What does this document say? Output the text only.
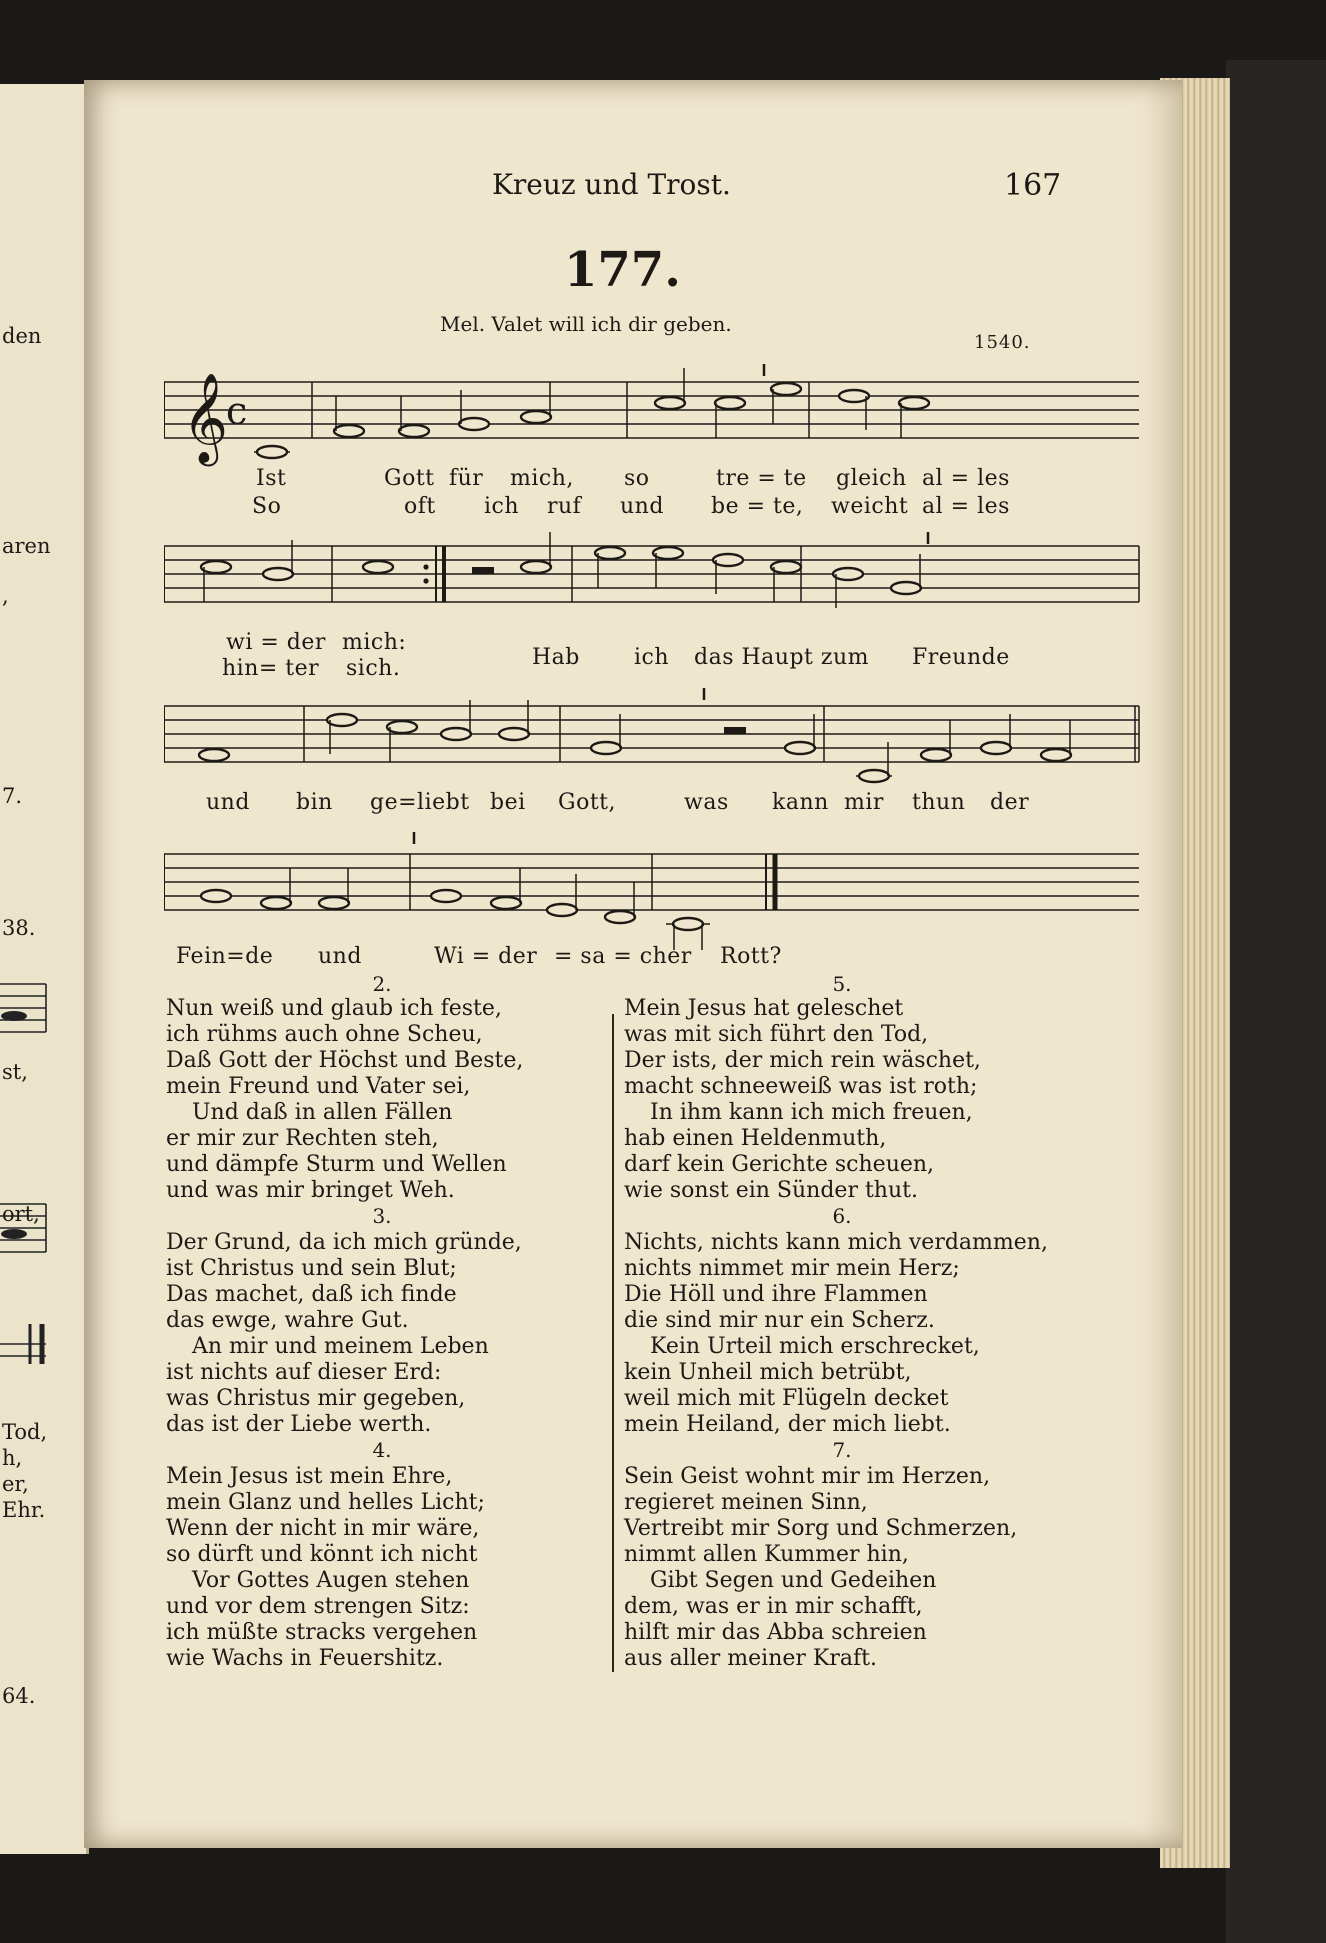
den
aren
,
7.
38.
st,
ort,
Tod,
h,
er,
Ehr.
64.
Kreuz und Trost.	167
177.
Mel. Valet will ich dir geben.
1540.
𝄞
c
Ist	Gott für mich, so	tre = te gleich al = les
So	oft ich ruf und be = te, weicht al = les
wi = der mich:
hin= ter sich.	Hab ich das Haupt zum Freunde
und bin ge=liebt bei Gott,	was kann mir thun der
Fein=de und	Wi = der = sa = cher Rott?
2.
Nun weiß und glaub ich feste,
ich rühms auch ohne Scheu,
Daß Gott der Höchst und Beste,
mein Freund und Vater sei,
Und daß in allen Fällen
er mir zur Rechten steh,
und dämpfe Sturm und Wellen
und was mir bringet Weh.
3.
Der Grund, da ich mich gründe,
ist Christus und sein Blut;
Das machet, daß ich finde
das ewge, wahre Gut.
An mir und meinem Leben
ist nichts auf dieser Erd:
was Christus mir gegeben,
das ist der Liebe werth.
4.
Mein Jesus ist mein Ehre,
mein Glanz und helles Licht;
Wenn der nicht in mir wäre,
so dürft und könnt ich nicht
Vor Gottes Augen stehen
und vor dem strengen Sitz:
ich müßte stracks vergehen
wie Wachs in Feuershitz.
5.
Mein Jesus hat geleschet
was mit sich führt den Tod,
Der ists, der mich rein wäschet,
macht schneeweiß was ist roth;
In ihm kann ich mich freuen,
hab einen Heldenmuth,
darf kein Gerichte scheuen,
wie sonst ein Sünder thut.
6.
Nichts, nichts kann mich verdammen,
nichts nimmet mir mein Herz;
Die Höll und ihre Flammen
die sind mir nur ein Scherz.
Kein Urteil mich erschrecket,
kein Unheil mich betrübt,
weil mich mit Flügeln decket
mein Heiland, der mich liebt.
7.
Sein Geist wohnt mir im Herzen,
regieret meinen Sinn,
Vertreibt mir Sorg und Schmerzen,
nimmt allen Kummer hin,
Gibt Segen und Gedeihen
dem, was er in mir schafft,
hilft mir das Abba schreien
aus aller meiner Kraft.
